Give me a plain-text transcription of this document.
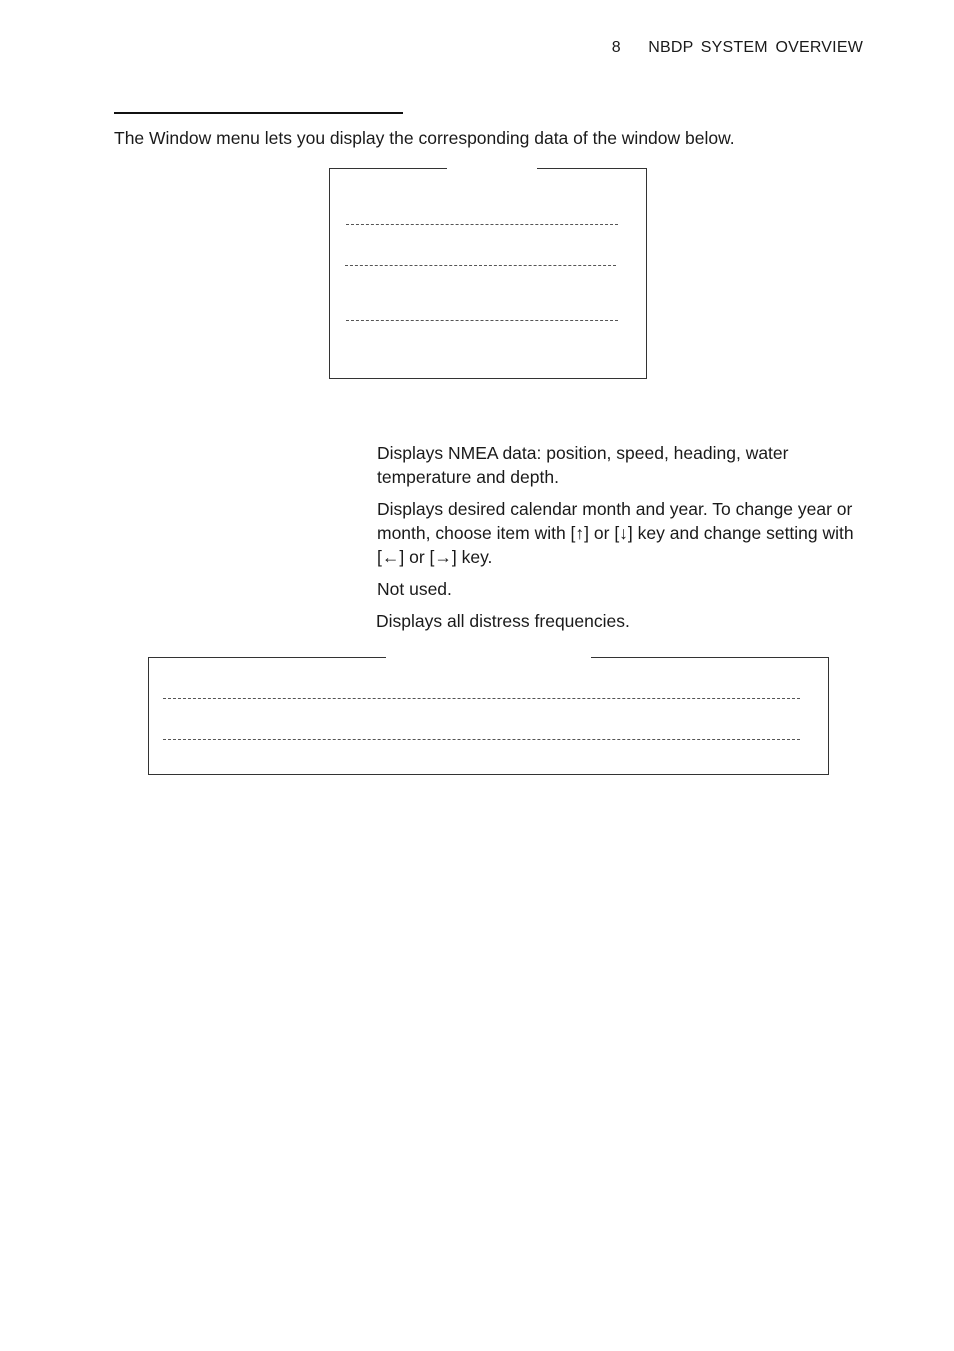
8 NBDP SYSTEM OVERVIEW
The Window menu lets you display the corresponding data of the window below.
Displays NMEA data: position, speed, heading, water temperature and depth.
Displays desired calendar month and year. To change year or month, choose item with [↑] or [↓] key and change setting with [←] or [→] key.
Not used.
Displays all distress frequencies.
